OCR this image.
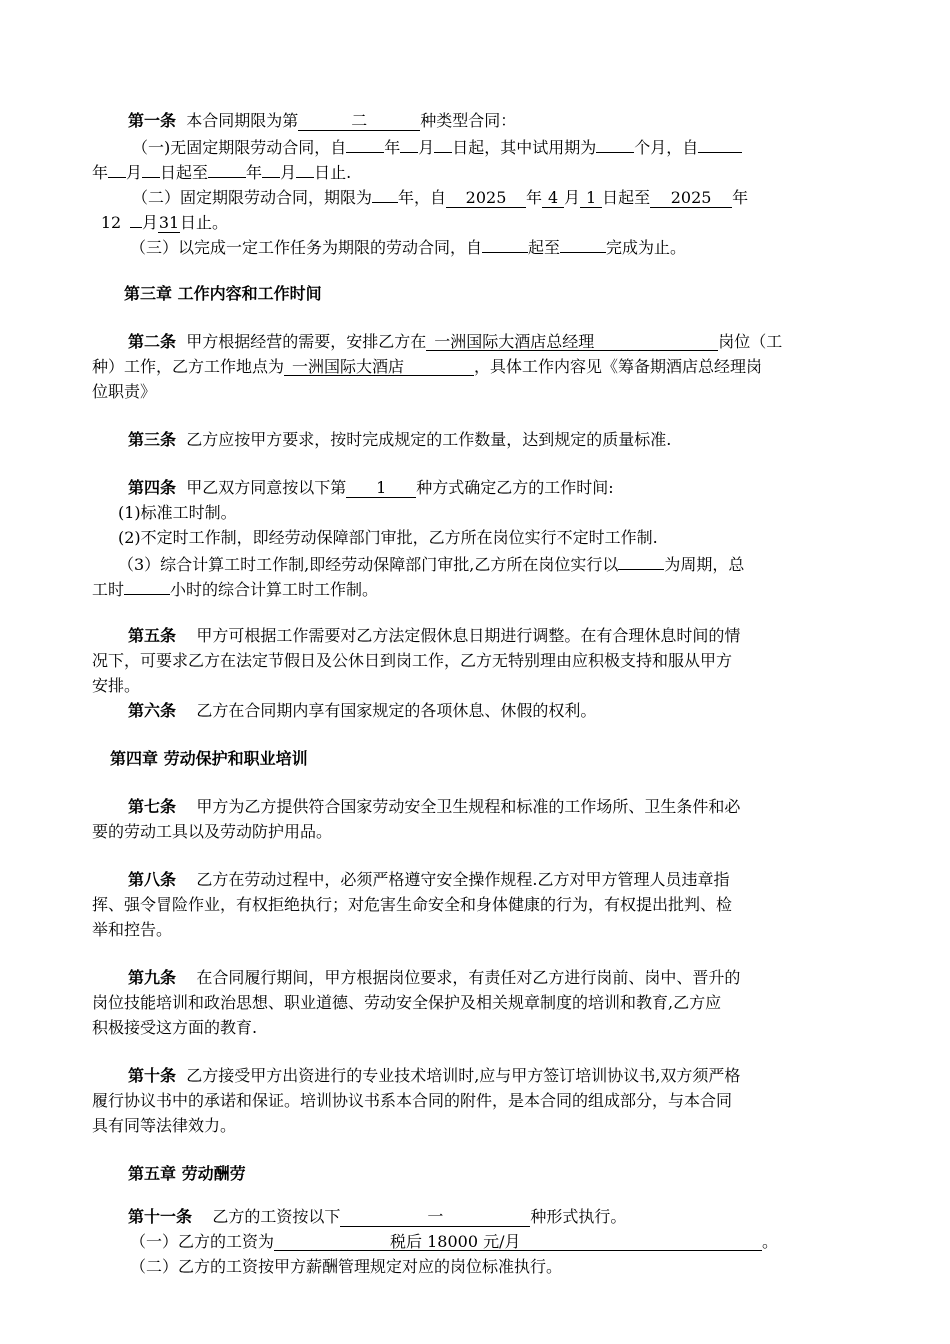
第一条 本合同期限为第	二	种类型合同：
（一)无固定期限劳动合同，自 年 月 日起，其中试用期为 个月，自
年 月 日起至 年 月 日止.
（二）固定期限劳动合同，期限为 年，自 2025 年 4 月 1 日起至 2025 年
12 月31日止。
（三）以完成一定工作任务为期限的劳动合同，自	起至	完成为止。
第三章 工作内容和工作时间
第二条 甲方根据经营的需要，安排乙方在 一洲国际大酒店总经理	岗位（工
种）工作，乙方工作地点为 一洲国际大酒店	，具体工作内容见《筹备期酒店总经理岗
位职责》
第三条 乙方应按甲方要求，按时完成规定的工作数量，达到规定的质量标准.
第四条 甲乙双方同意按以下第 1 种方式确定乙方的工作时间:
(1)标准工时制。
(2)不定时工作制，即经劳动保障部门审批，乙方所在岗位实行不定时工作制.
（3）综合计算工时工作制,即经劳动保障部门审批,乙方所在岗位实行以	为周期，总
工时	小时的综合计算工时工作制。
第五条 甲方可根据工作需要对乙方法定假休息日期进行调整。在有合理休息时间的情
况下，可要求乙方在法定节假日及公休日到岗工作，乙方无特别理由应积极支持和服从甲方
安排。
第六条 乙方在合同期内享有国家规定的各项休息、休假的权利。
第四章 劳动保护和职业培训
第七条 甲方为乙方提供符合国家劳动安全卫生规程和标准的工作场所、卫生条件和必
要的劳动工具以及劳动防护用品。
第八条 乙方在劳动过程中，必须严格遵守安全操作规程.乙方对甲方管理人员违章指
挥、强令冒险作业，有权拒绝执行；对危害生命安全和身体健康的行为，有权提出批判、检
举和控告。
第九条 在合同履行期间，甲方根据岗位要求，有责任对乙方进行岗前、岗中、晋升的
岗位技能培训和政治思想、职业道德、劳动安全保护及相关规章制度的培训和教育,乙方应
积极接受这方面的教育.
第十条 乙方接受甲方出资进行的专业技术培训时,应与甲方签订培训协议书,双方须严格
履行协议书中的承诺和保证。培训协议书系本合同的附件，是本合同的组成部分，与本合同
具有同等法律效力。
第五章 劳动酬劳
第十一条 乙方的工资按以下	一	种形式执行。
（一）乙方的工资为	税后 18000 元/月	。
（二）乙方的工资按甲方薪酬管理规定对应的岗位标准执行。
